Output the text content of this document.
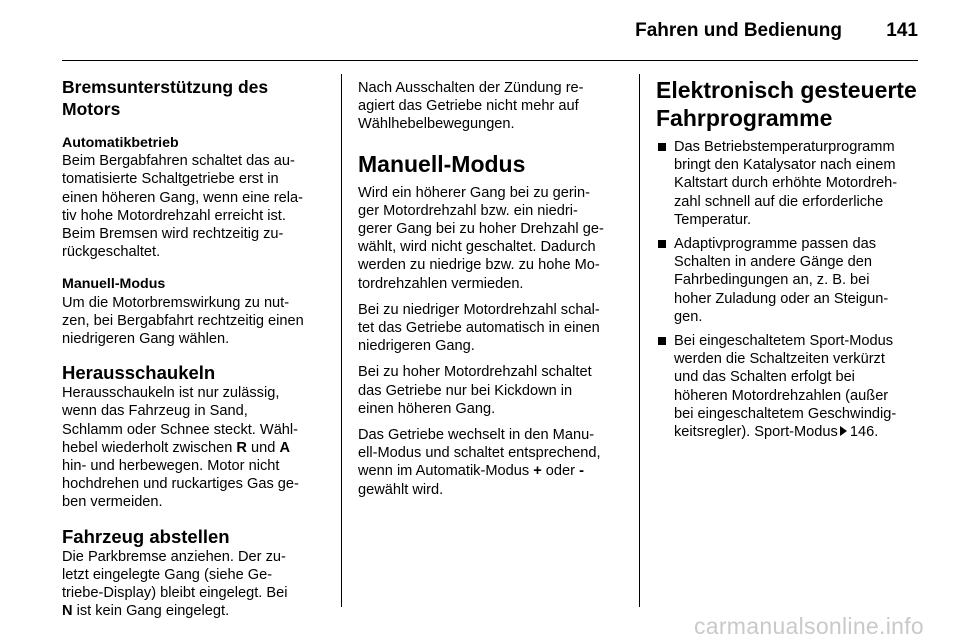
Fahren und Bedienung 141
Bremsunterstützung des Motors
Automatikbetrieb

Beim Bergabfahren schaltet das au-
tomatisierte Schaltgetriebe erst in
einen höheren Gang, wenn eine rela-
tiv hohe Motordrehzahl erreicht ist.
Beim Bremsen wird rechtzeitig zu-
rückgeschaltet.

Manuell-Modus

Um die Motorbremswirkung zu nut-
zen, bei Bergabfahrt rechtzeitig einen
niedrigeren Gang wählen.

Herausschaukeln

Herausschaukeln ist nur zulässig,
wenn das Fahrzeug in Sand,
Schlamm oder Schnee steckt. Wähl-
hebel wiederholt zwischen R und A
hin- und herbewegen. Motor nicht
hochdrehen und ruckartiges Gas ge-
ben vermeiden.

Fahrzeug abstellen

Die Parkbremse anziehen. Der zu-
letzt eingelegte Gang (siehe Ge-
triebe-Display) bleibt eingelegt. Bei
N ist kein Gang eingelegt.

Nach Ausschalten der Zündung re-
agiert das Getriebe nicht mehr auf
Wählhebelbewegungen.

Manuell-Modus

Wird ein höherer Gang bei zu gerin-
ger Motordrehzahl bzw. ein niedri-
gerer Gang bei zu hoher Drehzahl ge-
wählt, wird nicht geschaltet. Dadurch
werden zu niedrige bzw. zu hohe Mo-
tordrehzahlen vermieden.

Bei zu niedriger Motordrehzahl schal-
tet das Getriebe automatisch in einen
niedrigeren Gang.

Bei zu hoher Motordrehzahl schaltet
das Getriebe nur bei Kickdown in
einen höheren Gang.

Das Getriebe wechselt in den Manu-
ell-Modus und schaltet entsprechend,
wenn im Automatik-Modus + oder -
gewählt wird.

Elektronisch gesteuerte
Fahrprogramme
Das Betriebstemperaturprogramm
bringt den Katalysator nach einem
Kaltstart durch erhöhte Motordreh-
zahl schnell auf die erforderliche
Temperatur.
Adaptivprogramme passen das
Schalten in andere Gänge den
Fahrbedingungen an, z. B. bei
hoher Zuladung oder an Steigun-
gen.
Bei eingeschaltetem Sport-Modus
werden die Schaltzeiten verkürzt
und das Schalten erfolgt bei
höheren Motordrehzahlen (außer
bei eingeschaltetem Geschwindig-
keitsregler). Sport-Modus 146.
carmanualsonline.info
